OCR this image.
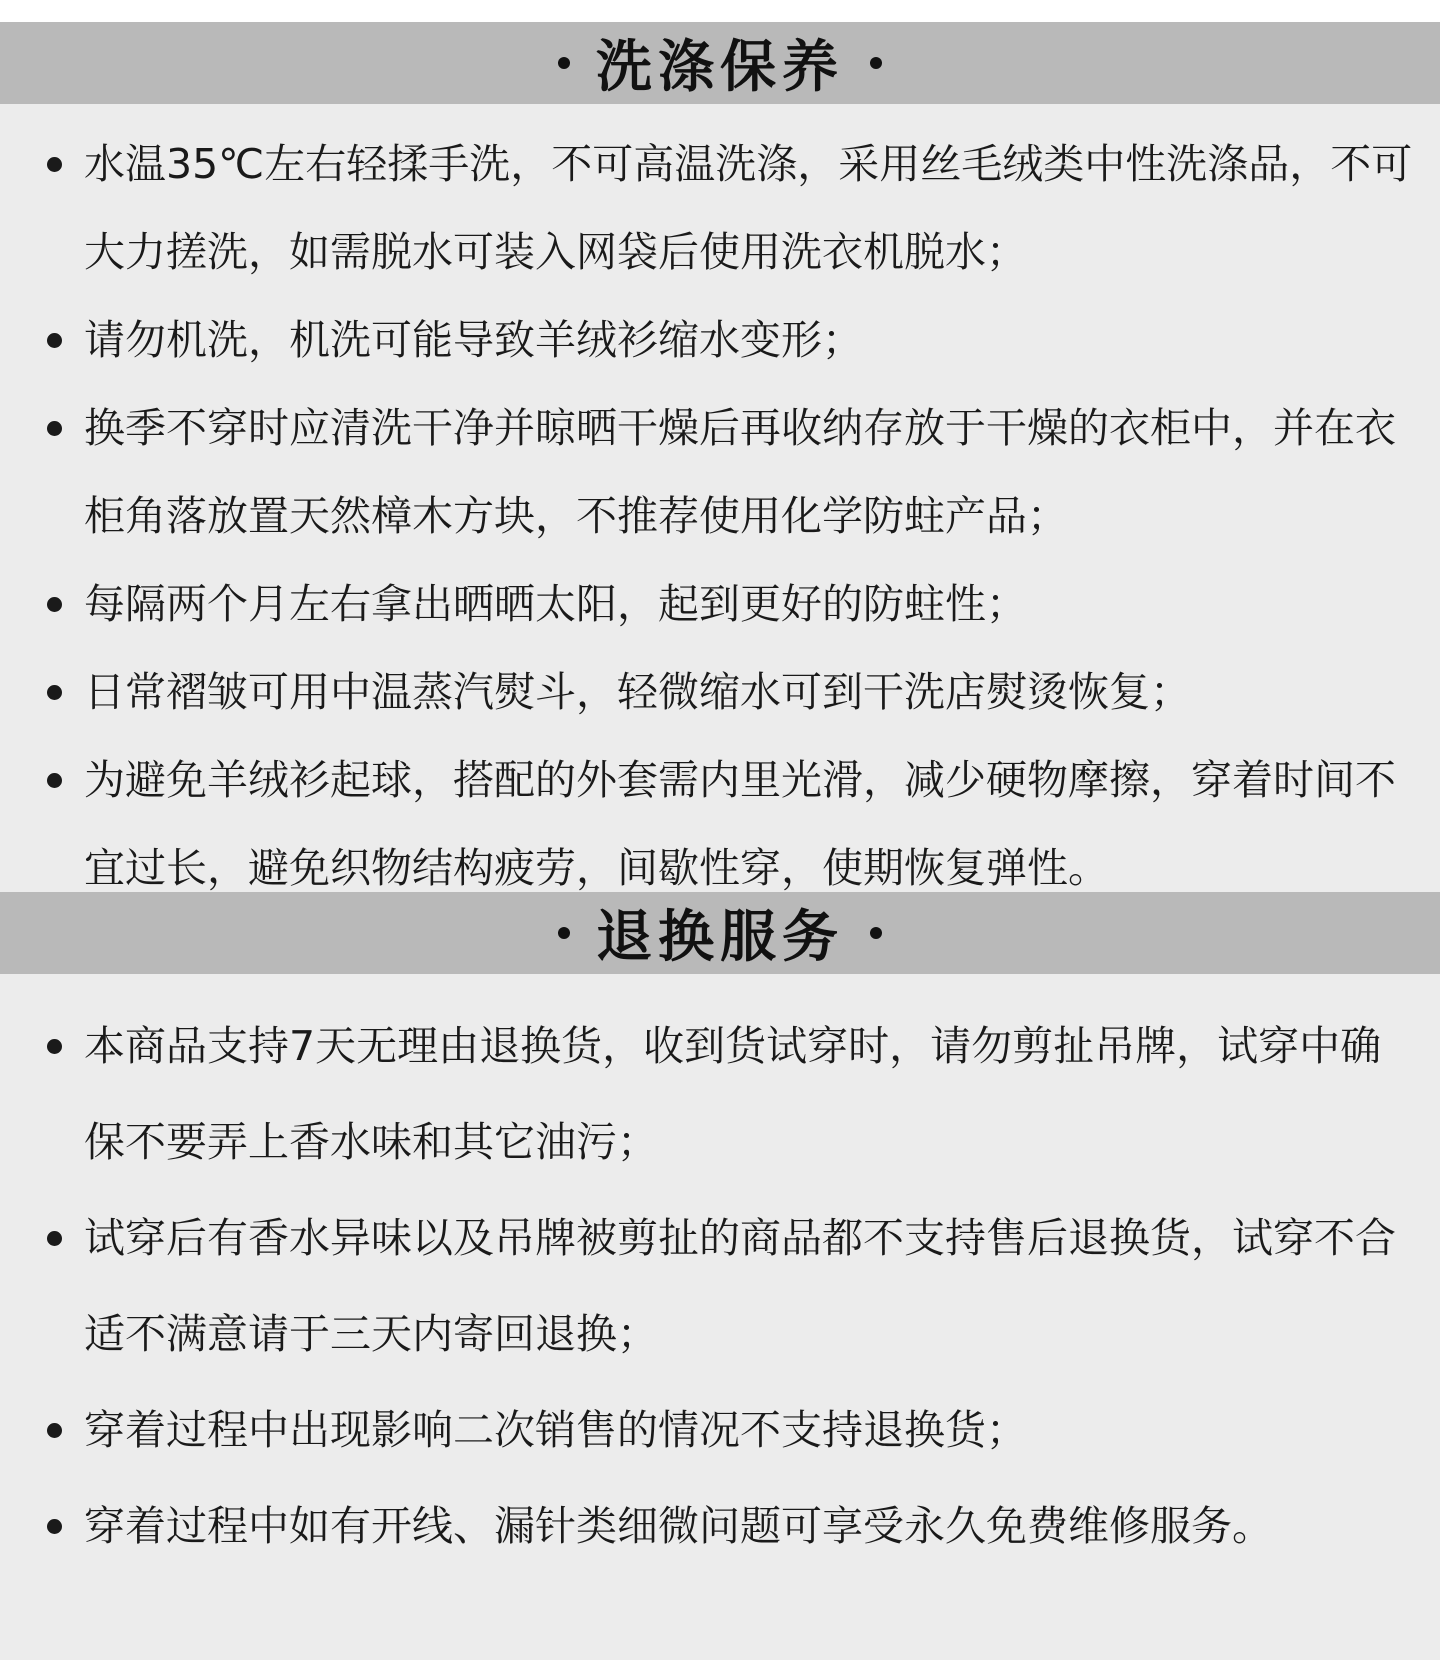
洗涤保养
水温35℃左右轻揉手洗，不可高温洗涤，采用丝毛绒类中性洗涤品，不可大力搓洗，如需脱水可装入网袋后使用洗衣机脱水；
请勿机洗，机洗可能导致羊绒衫缩水变形；
换季不穿时应清洗干净并晾晒干燥后再收纳存放于干燥的衣柜中，并在衣柜角落放置天然樟木方块，不推荐使用化学防蛀产品；
每隔两个月左右拿出晒晒太阳，起到更好的防蛀性；
日常褶皱可用中温蒸汽熨斗，轻微缩水可到干洗店熨烫恢复；
为避免羊绒衫起球，搭配的外套需内里光滑，减少硬物摩擦，穿着时间不宜过长，避免织物结构疲劳，间歇性穿，使期恢复弹性。
退换服务
本商品支持7天无理由退换货，收到货试穿时，请勿剪扯吊牌，试穿中确保不要弄上香水味和其它油污；
试穿后有香水异味以及吊牌被剪扯的商品都不支持售后退换货，试穿不合适不满意请于三天内寄回退换；
穿着过程中出现影响二次销售的情况不支持退换货；
穿着过程中如有开线、漏针类细微问题可享受永久免费维修服务。
